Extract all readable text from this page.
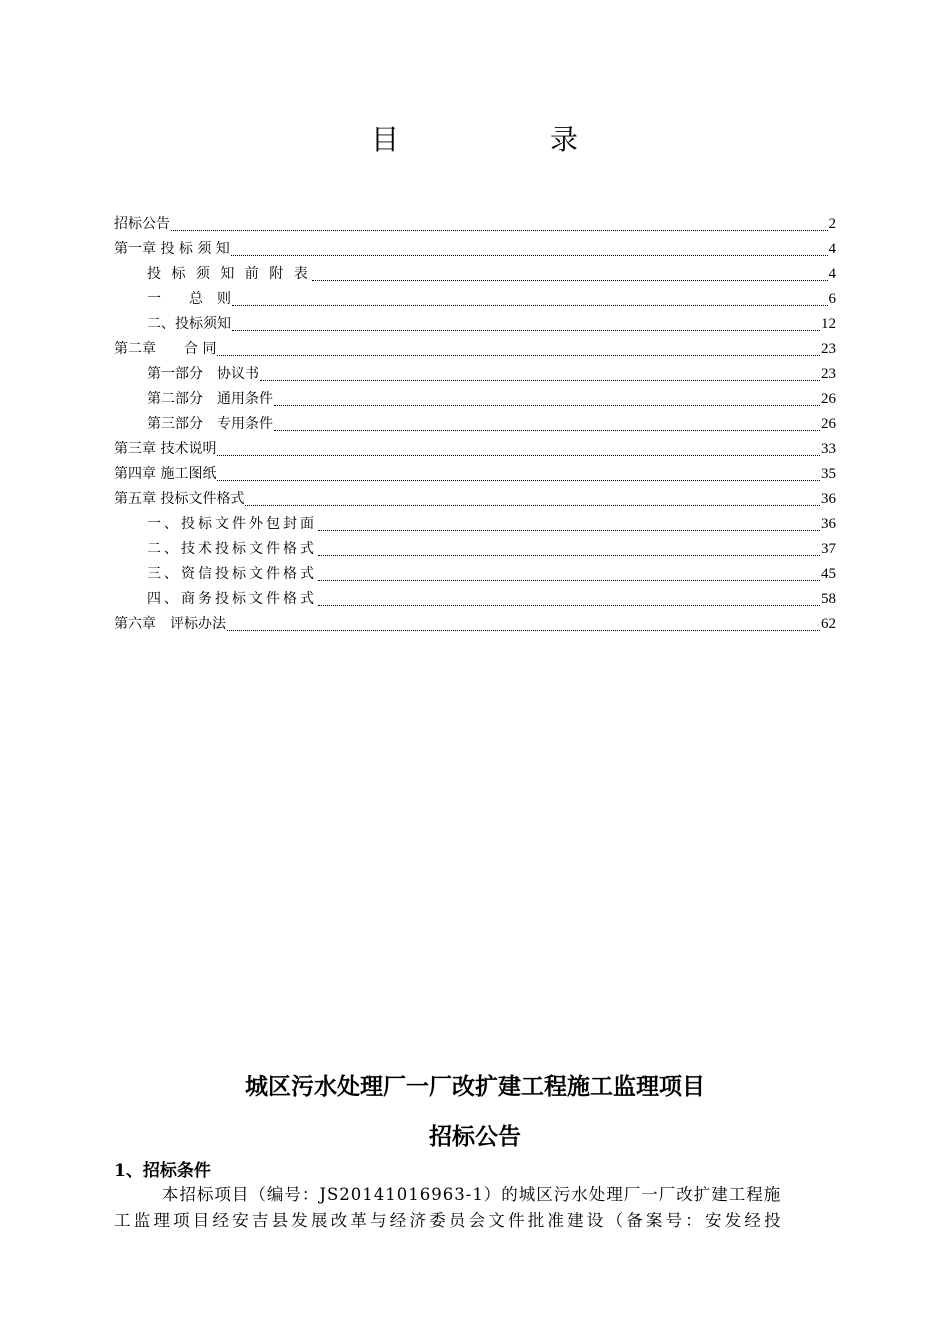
目	录
招标公告	2
第一章 投 标 须 知	4
投 标 须 知 前 附 表	4
一　　总　则	6
二、投标须知	12
第二章　　合 同	23
第一部分　协议书	23
第二部分　通用条件	26
第三部分　专用条件	26
第三章 技术说明	33
第四章 施工图纸	35
第五章 投标文件格式	36
一、投标文件外包封面	36
二、技术投标文件格式	37
三、资信投标文件格式	45
四、商务投标文件格式	58
第六章　评标办法	62
城区污水处理厂一厂改扩建工程施工监理项目
招标公告
1、招标条件
本招标项目（编号：JS20141016963-1）的城区污水处理厂一厂改扩建工程施
工监理项目经安吉县发展改革与经济委员会文件批准建设（备案号：安发经投
